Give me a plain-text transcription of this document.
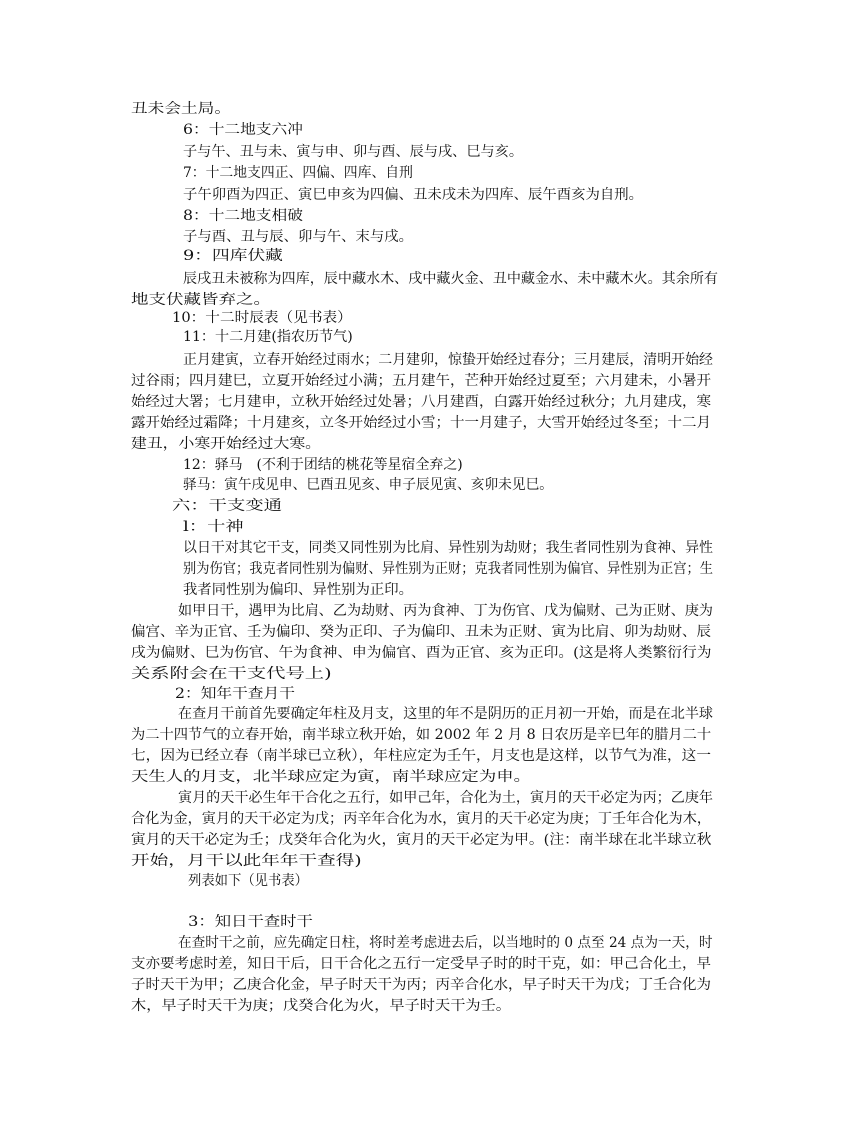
丑未会土局。
6：十二地支六冲
子与午、丑与未、寅与申、卯与酉、辰与戌、巳与亥。
7：十二地支四正、四偏、四库、自刑
子午卯酉为四正、寅巳申亥为四偏、丑未戌未为四库、辰午酉亥为自刑。
8：十二地支相破
子与酉、丑与辰、卯与午、末与戌。
9：四库伏藏
辰戌丑未被称为四库，辰中藏水木、戌中藏火金、丑中藏金水、未中藏木火。其余所有
地支伏藏皆弃之。
10：十二时辰表（见书表）
11：十二月建(指农历节气)
正月建寅，立春开始经过雨水；二月建卯，惊蛰开始经过春分；三月建辰，清明开始经
过谷雨；四月建巳，立夏开始经过小满；五月建午，芒种开始经过夏至；六月建未，小暑开
始经过大署；七月建申，立秋开始经过处暑；八月建酉，白露开始经过秋分；九月建戌，寒
露开始经过霜降；十月建亥，立冬开始经过小雪；十一月建子，大雪开始经过冬至；十二月
建丑，小寒开始经过大寒。
12：驿马　(不利于团结的桃花等星宿全弃之)
驿马：寅午戌见申、巳酉丑见亥、申子辰见寅、亥卯未见巳。
六：干支变通
l：十神
以日干对其它干支，同类又同性别为比肩、异性别为劫财；我生者同性别为食神、异性
别为伤官；我克者同性别为偏财、异性别为正财；克我者同性别为偏官、异性别为正宫；生
我者同性别为偏印、异性别为正印。
如甲日干，遇甲为比肩、乙为劫财、丙为食神、丁为伤官、戊为偏财、己为正财、庚为
偏宫、辛为正官、壬为偏印、癸为正印、子为偏印、丑未为正财、寅为比肩、卯为劫财、辰
戌为偏财、巳为伤官、午为食神、申为偏官、酉为正官、亥为正印。(这是将人类繁衍行为
关系附会在干支代号上)
2：知年干查月干
在查月干前首先要确定年柱及月支，这里的年不是阴历的正月初一开始，而是在北半球
为二十四节气的立春开始，南半球立秋开始，如 2002 年 2 月 8 日农历是辛巳年的腊月二十
七，因为已经立春（南半球已立秋），年柱应定为壬午，月支也是这样，以节气为准，这一
天生人的月支，北半球应定为寅，南半球应定为申。
寅月的天干必生年干合化之五行，如甲己年，合化为土，寅月的天干必定为丙；乙庚年
合化为金，寅月的天干必定为戊；丙辛年合化为水，寅月的天干必定为庚；丁壬年合化为木，
寅月的天干必定为壬；戊癸年合化为火，寅月的天干必定为甲。(注：南半球在北半球立秋
开始，月干以此年年干查得)
列表如下（见书表）
3：知日干查时干
在查时干之前，应先确定日柱，将时差考虑进去后，以当地时的 0 点至 24 点为一天，时
支亦要考虑时差，知日干后，日干合化之五行一定受早子时的时干克，如：甲己合化土，早
子时天干为甲；乙庚合化金，早子时天干为丙；丙辛合化水，早子时天干为戊；丁壬合化为
木，早子时天干为庚；戊癸合化为火，早子时天干为壬。
